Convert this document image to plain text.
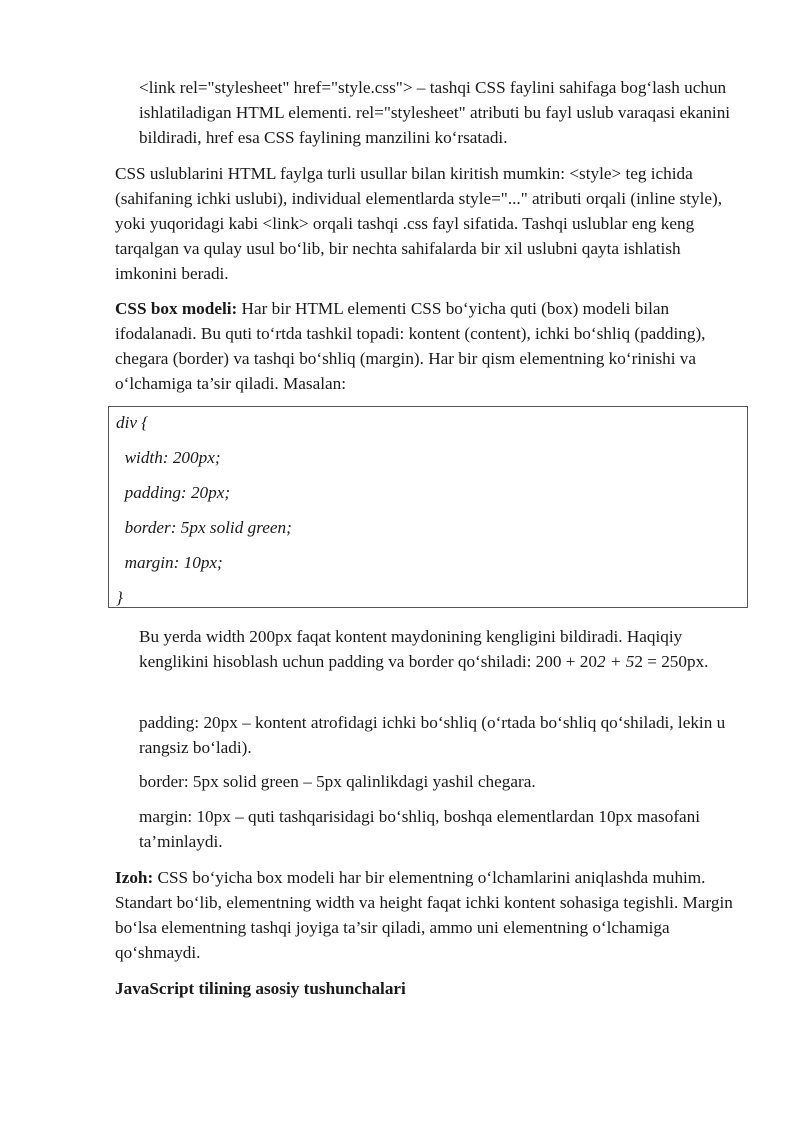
<link rel="stylesheet" href="style.css"> – tashqi CSS faylini sahifaga bog‘lash uchun ishlatiladigan HTML elementi. rel="stylesheet" atributi bu fayl uslub varaqasi ekanini bildiradi, href esa CSS faylining manzilini ko‘rsatadi.

CSS uslublarini HTML faylga turli usullar bilan kiritish mumkin: <style> teg ichida (sahifaning ichki uslubi), individual elementlarda style="..." atributi orqali (inline style), yoki yuqoridagi kabi <link> orqali tashqi .css fayl sifatida. Tashqi uslublar eng keng tarqalgan va qulay usul bo‘lib, bir nechta sahifalarda bir xil uslubni qayta ishlatish imkonini beradi.

CSS box modeli: Har bir HTML elementi CSS bo‘yicha quti (box) modeli bilan ifodalanadi. Bu quti to‘rtda tashkil topadi: kontent (content), ichki bo‘shliq (padding), chegara (border) va tashqi bo‘shliq (margin). Har bir qism elementning ko‘rinishi va o‘lchamiga ta’sir qiladi. Masalan:

div {

width: 200px;

padding: 20px;

border: 5px solid green;

margin: 10px;

}

Bu yerda width 200px faqat kontent maydonining kengligini bildiradi. Haqiqiy kenglikini hisoblash uchun padding va border qo‘shiladi: 200 + 202 + 52 = 250px.

padding: 20px – kontent atrofidagi ichki bo‘shliq (o‘rtada bo‘shliq qo‘shiladi, lekin u rangsiz bo‘ladi).

border: 5px solid green – 5px qalinlikdagi yashil chegara.

margin: 10px – quti tashqarisidagi bo‘shliq, boshqa elementlardan 10px masofani ta’minlaydi.

Izoh: CSS bo‘yicha box modeli har bir elementning o‘lchamlarini aniqlashda muhim. Standart bo‘lib, elementning width va height faqat ichki kontent sohasiga tegishli. Margin bo‘lsa elementning tashqi joyiga ta’sir qiladi, ammo uni elementning o‘lchamiga qo‘shmaydi.

JavaScript tilining asosiy tushunchalari
